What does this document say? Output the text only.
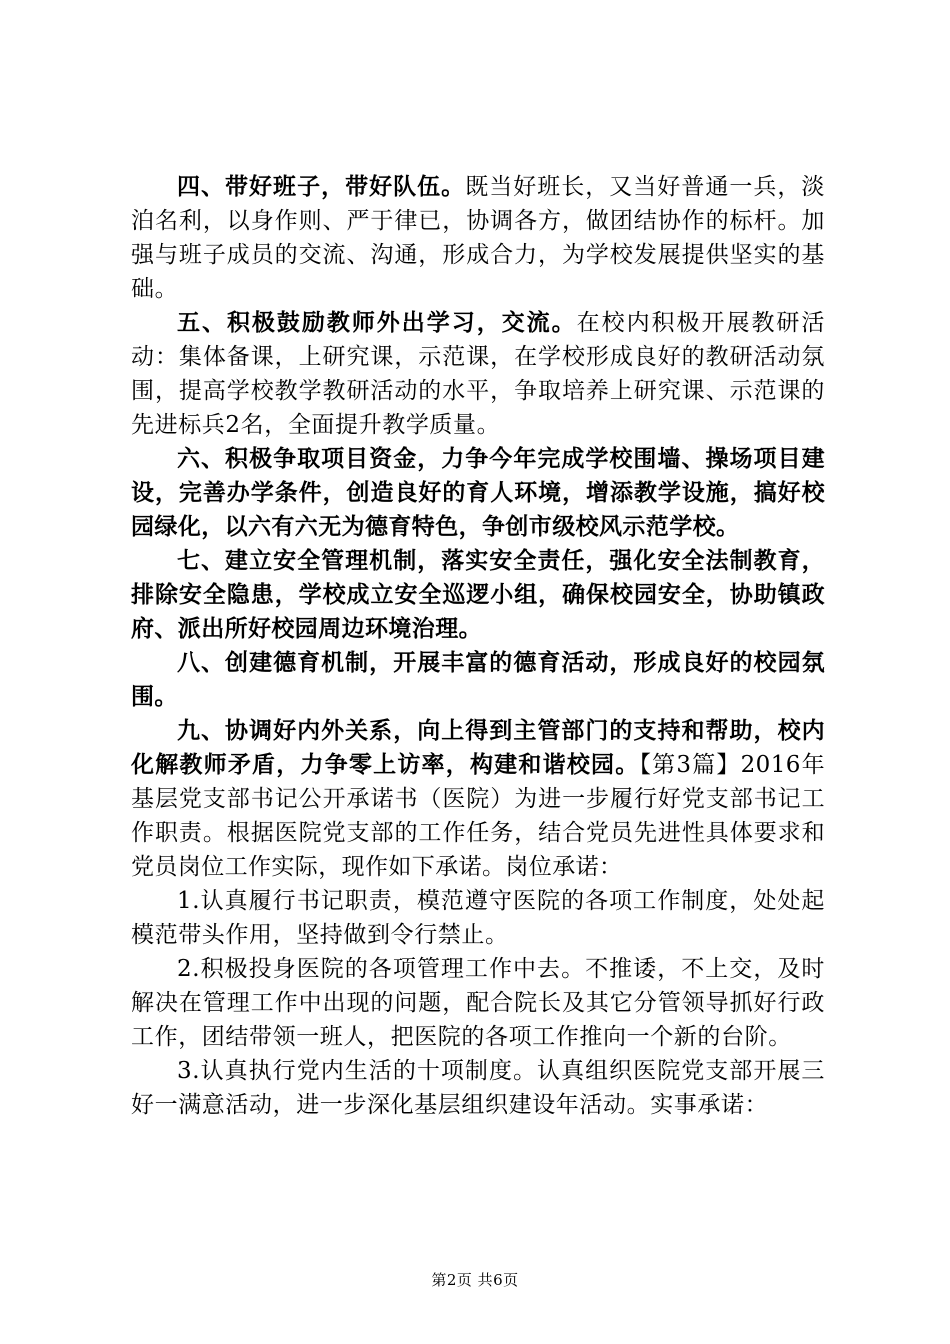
四、带好班子，带好队伍。既当好班长，又当好普通一兵，淡泊名利，以身作则、严于律已，协调各方，做团结协作的标杆。加强与班子成员的交流、沟通，形成合力，为学校发展提供坚实的基础。

五、积极鼓励教师外出学习，交流。在校内积极开展教研活动：集体备课，上研究课，示范课，在学校形成良好的教研活动氛围，提高学校教学教研活动的水平，争取培养上研究课、示范课的先进标兵2名，全面提升教学质量。

六、积极争取项目资金，力争今年完成学校围墙、操场项目建设，完善办学条件，创造良好的育人环境，增添教学设施，搞好校园绿化，以六有六无为德育特色，争创市级校风示范学校。

七、建立安全管理机制，落实安全责任，强化安全法制教育，排除安全隐患，学校成立安全巡逻小组，确保校园安全，协助镇政府、派出所好校园周边环境治理。

八、创建德育机制，开展丰富的德育活动，形成良好的校园氛围。

九、协调好内外关系，向上得到主管部门的支持和帮助，校内化解教师矛盾，力争零上访率，构建和谐校园。【第3篇】2016年基层党支部书记公开承诺书（医院）为进一步履行好党支部书记工作职责。根据医院党支部的工作任务，结合党员先进性具体要求和党员岗位工作实际，现作如下承诺。岗位承诺：

1.认真履行书记职责，模范遵守医院的各项工作制度，处处起模范带头作用，坚持做到令行禁止。

2.积极投身医院的各项管理工作中去。不推诿，不上交，及时解决在管理工作中出现的问题，配合院长及其它分管领导抓好行政工作，团结带领一班人，把医院的各项工作推向一个新的台阶。

3.认真执行党内生活的十项制度。认真组织医院党支部开展三好一满意活动，进一步深化基层组织建设年活动。实事承诺：

第2页 共6页
